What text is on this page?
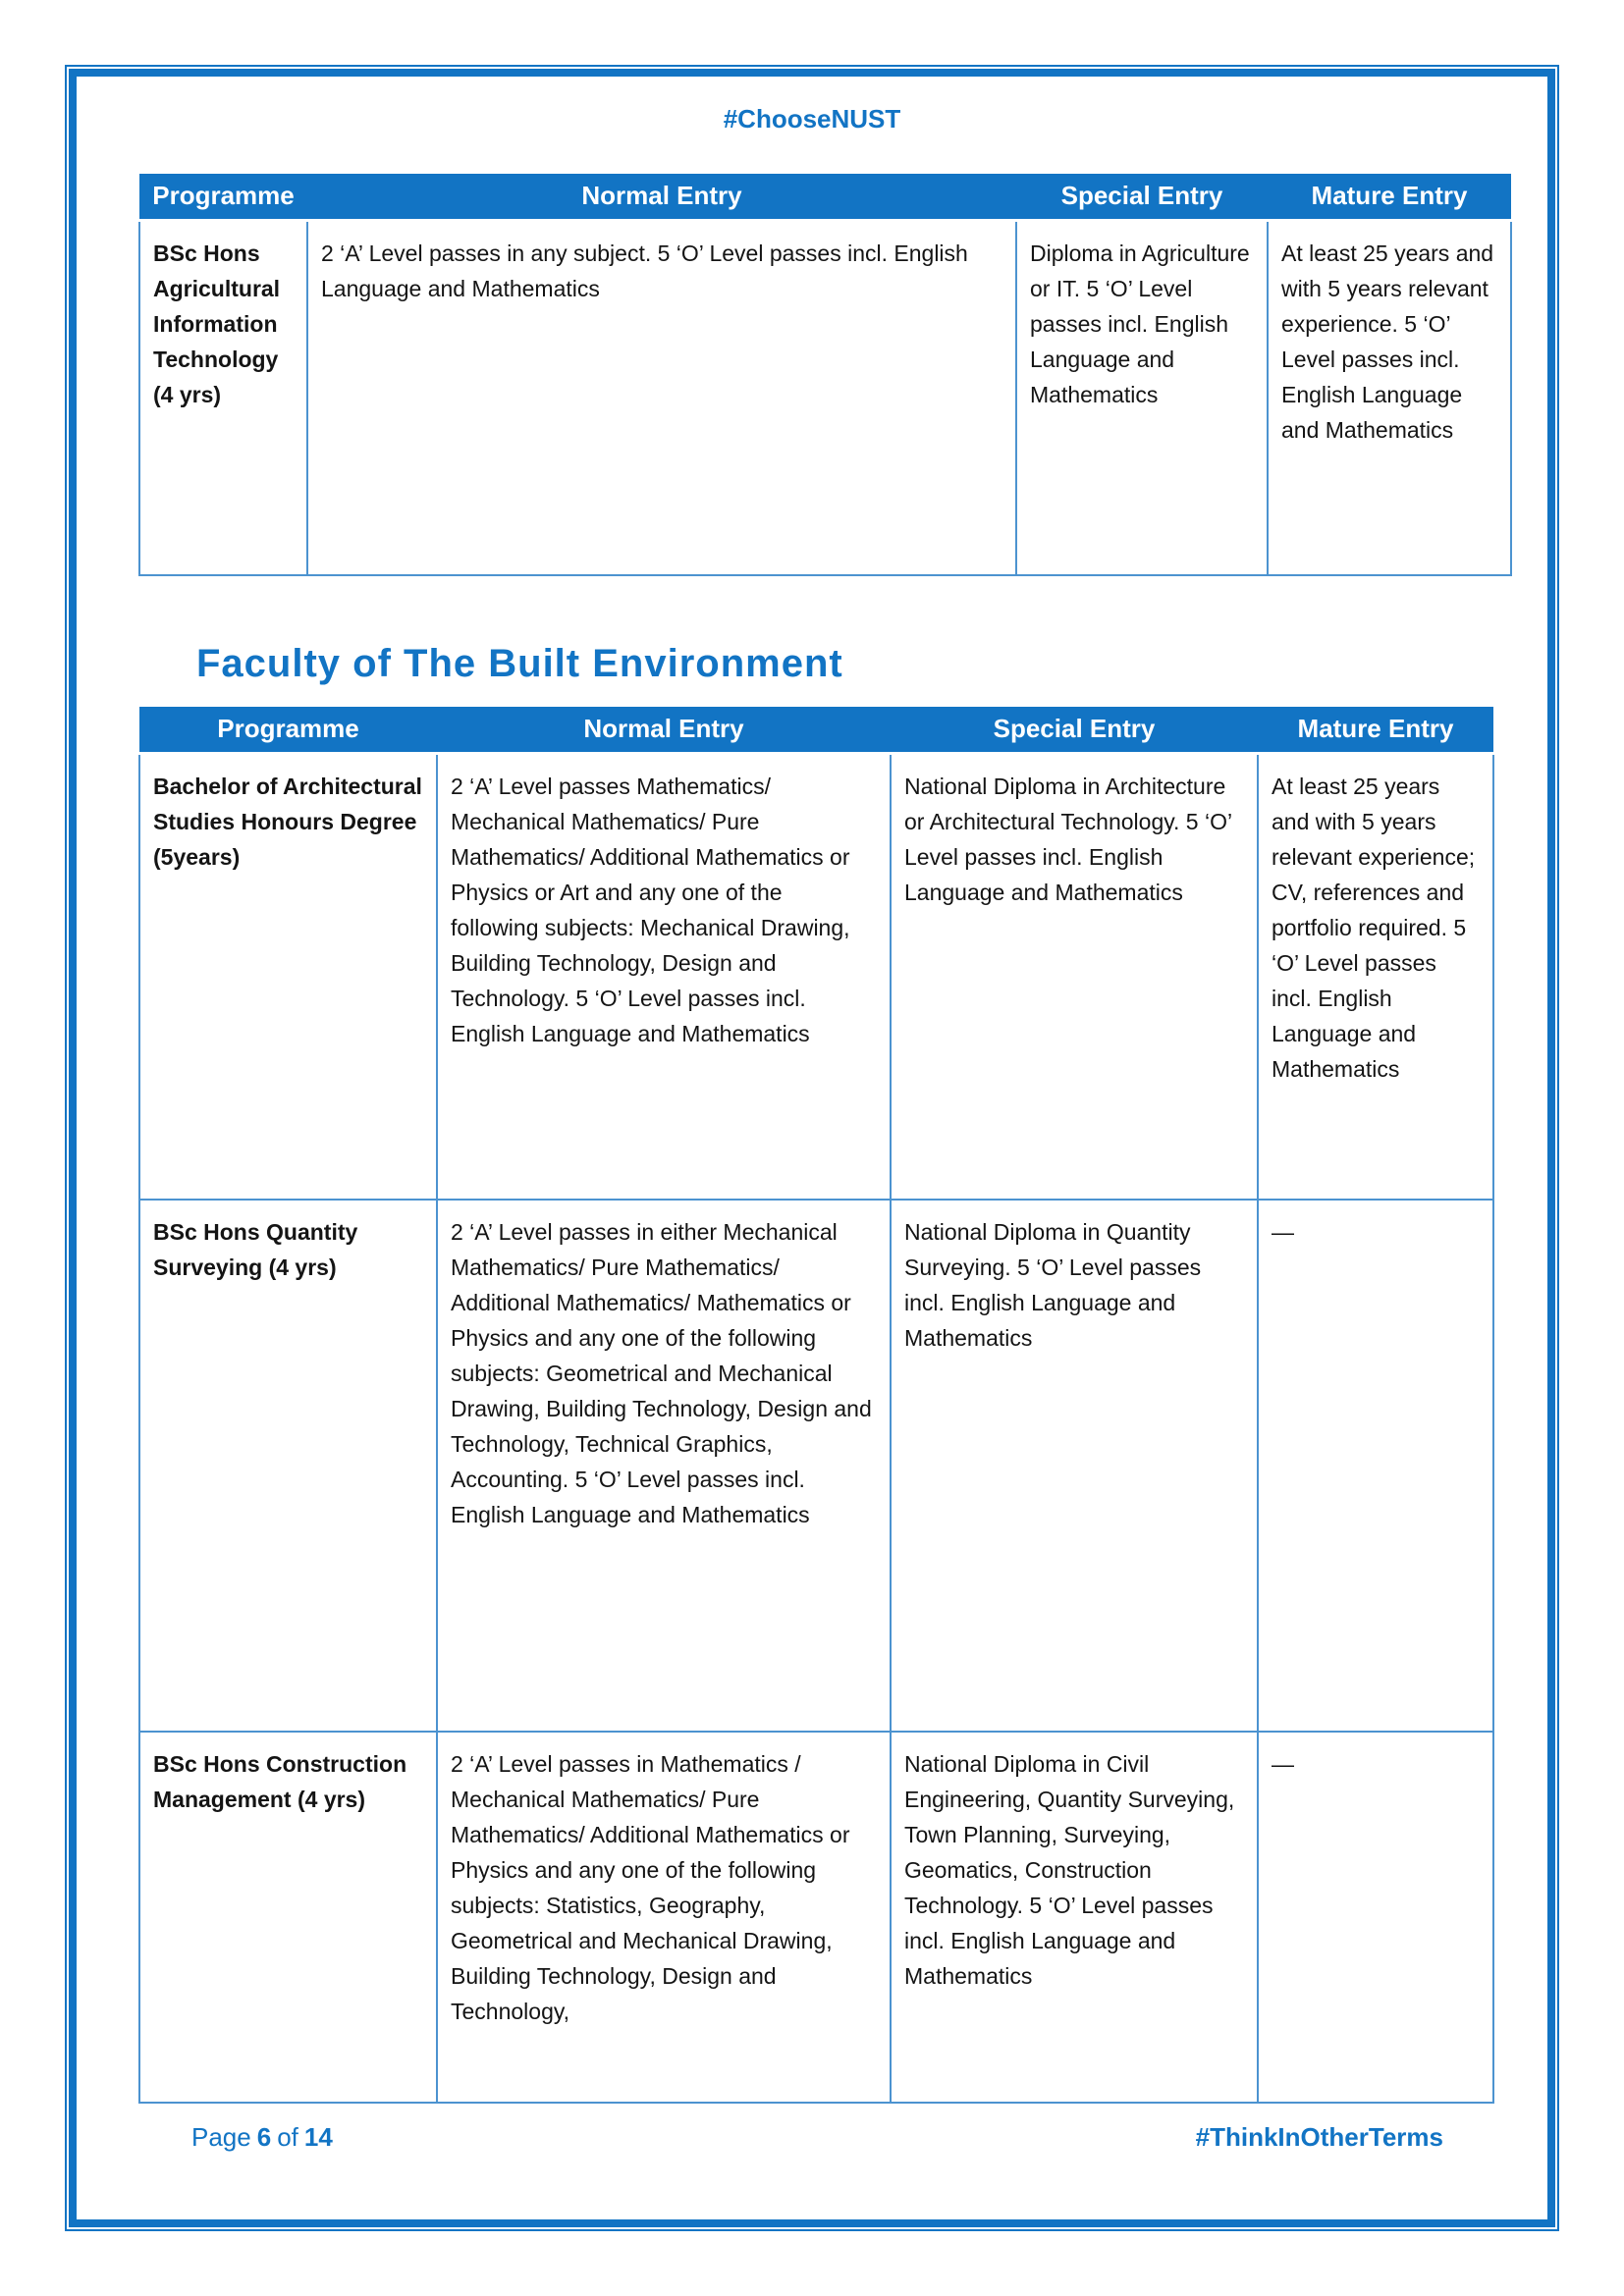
#ChooseNUST
Programme	Normal Entry	Special Entry	Mature Entry
BSc Hons Agricultural Information Technology (4 yrs)	2 ‘A’ Level passes in any subject. 5 ‘O’ Level passes incl. English Language and Mathematics	Diploma in Agriculture or IT. 5 ‘O’ Level passes incl. English Language and Mathematics	At least 25 years and with 5 years relevant experience. 5 ‘O’ Level passes incl. English Language and Mathematics
Faculty of The Built Environment
Programme	Normal Entry	Special Entry	Mature Entry
Bachelor of Architectural Studies Honours Degree (5years)	2 ‘A’ Level passes Mathematics/ Mechanical Mathematics/ Pure Mathematics/ Additional Mathematics or Physics or Art and any one of the following subjects: Mechanical Drawing, Building Technology, Design and Technology. 5 ‘O’ Level passes incl. English Language and Mathematics	National Diploma in Architecture or Architectural Technology. 5 ‘O’ Level passes incl. English Language and Mathematics	At least 25 years and with 5 years relevant experience; CV, references and portfolio required. 5 ‘O’ Level passes incl. English Language and Mathematics
BSc Hons Quantity Surveying (4 yrs)	2 ‘A’ Level passes in either Mechanical Mathematics/ Pure Mathematics/ Additional Mathematics/ Mathematics or Physics and any one of the following subjects: Geometrical and Mechanical Drawing, Building Technology, Design and Technology, Technical Graphics, Accounting. 5 ‘O’ Level passes incl. English Language and Mathematics	National Diploma in Quantity Surveying. 5 ‘O’ Level passes incl. English Language and Mathematics	—
BSc Hons Construction Management (4 yrs)	2 ‘A’ Level passes in Mathematics / Mechanical Mathematics/ Pure Mathematics/ Additional Mathematics or Physics and any one of the following subjects: Statistics, Geography, Geometrical and Mechanical Drawing, Building Technology, Design and Technology,	National Diploma in Civil Engineering, Quantity Surveying, Town Planning, Surveying, Geomatics, Construction Technology. 5 ‘O’ Level passes incl. English Language and Mathematics	—
Page 6 of 14	#ThinkInOtherTerms
